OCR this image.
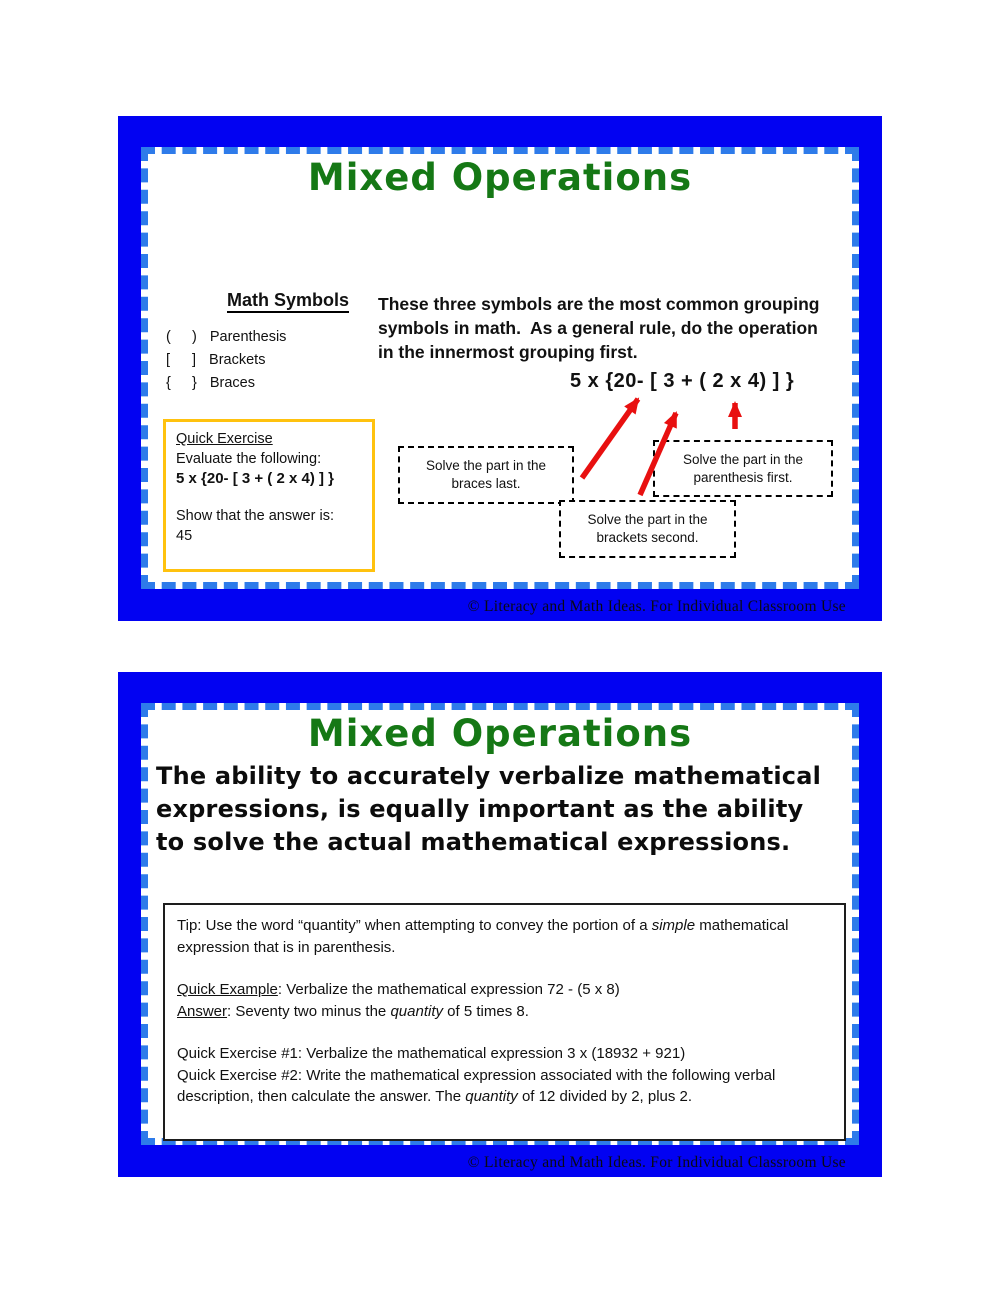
Mixed Operations
Math Symbols
( ) Parenthesis
[ ] Brackets
{ } Braces

These three symbols are the most common grouping symbols in math.  As a general rule, do the operation in the innermost grouping first.

5 x {20- [ 3 + ( 2 x 4) ] }
Quick Exercise
Evaluate the following:
5 x {20- [ 3 + ( 2 x 4) ] }
Show that the answer is:
45
Solve the part in the braces last.
Solve the part in the parenthesis first.
Solve the part in the brackets second.
© Literacy and Math Ideas. For Individual Classroom Use
Mixed Operations

The ability to accurately verbalize mathematical expressions, is equally important as the ability to solve the actual mathematical expressions.

Tip: Use the word “quantity” when attempting to convey the portion of a simple mathematical expression that is in parenthesis.
Quick Example: Verbalize the mathematical expression 72 - (5 x 8)
Answer: Seventy two minus the quantity of 5 times 8.
Quick Exercise #1: Verbalize the mathematical expression 3 x (18932 + 921)
Quick Exercise #2: Write the mathematical expression associated with the following verbal description, then calculate the answer. The quantity of 12 divided by 2, plus 2.
© Literacy and Math Ideas. For Individual Classroom Use
